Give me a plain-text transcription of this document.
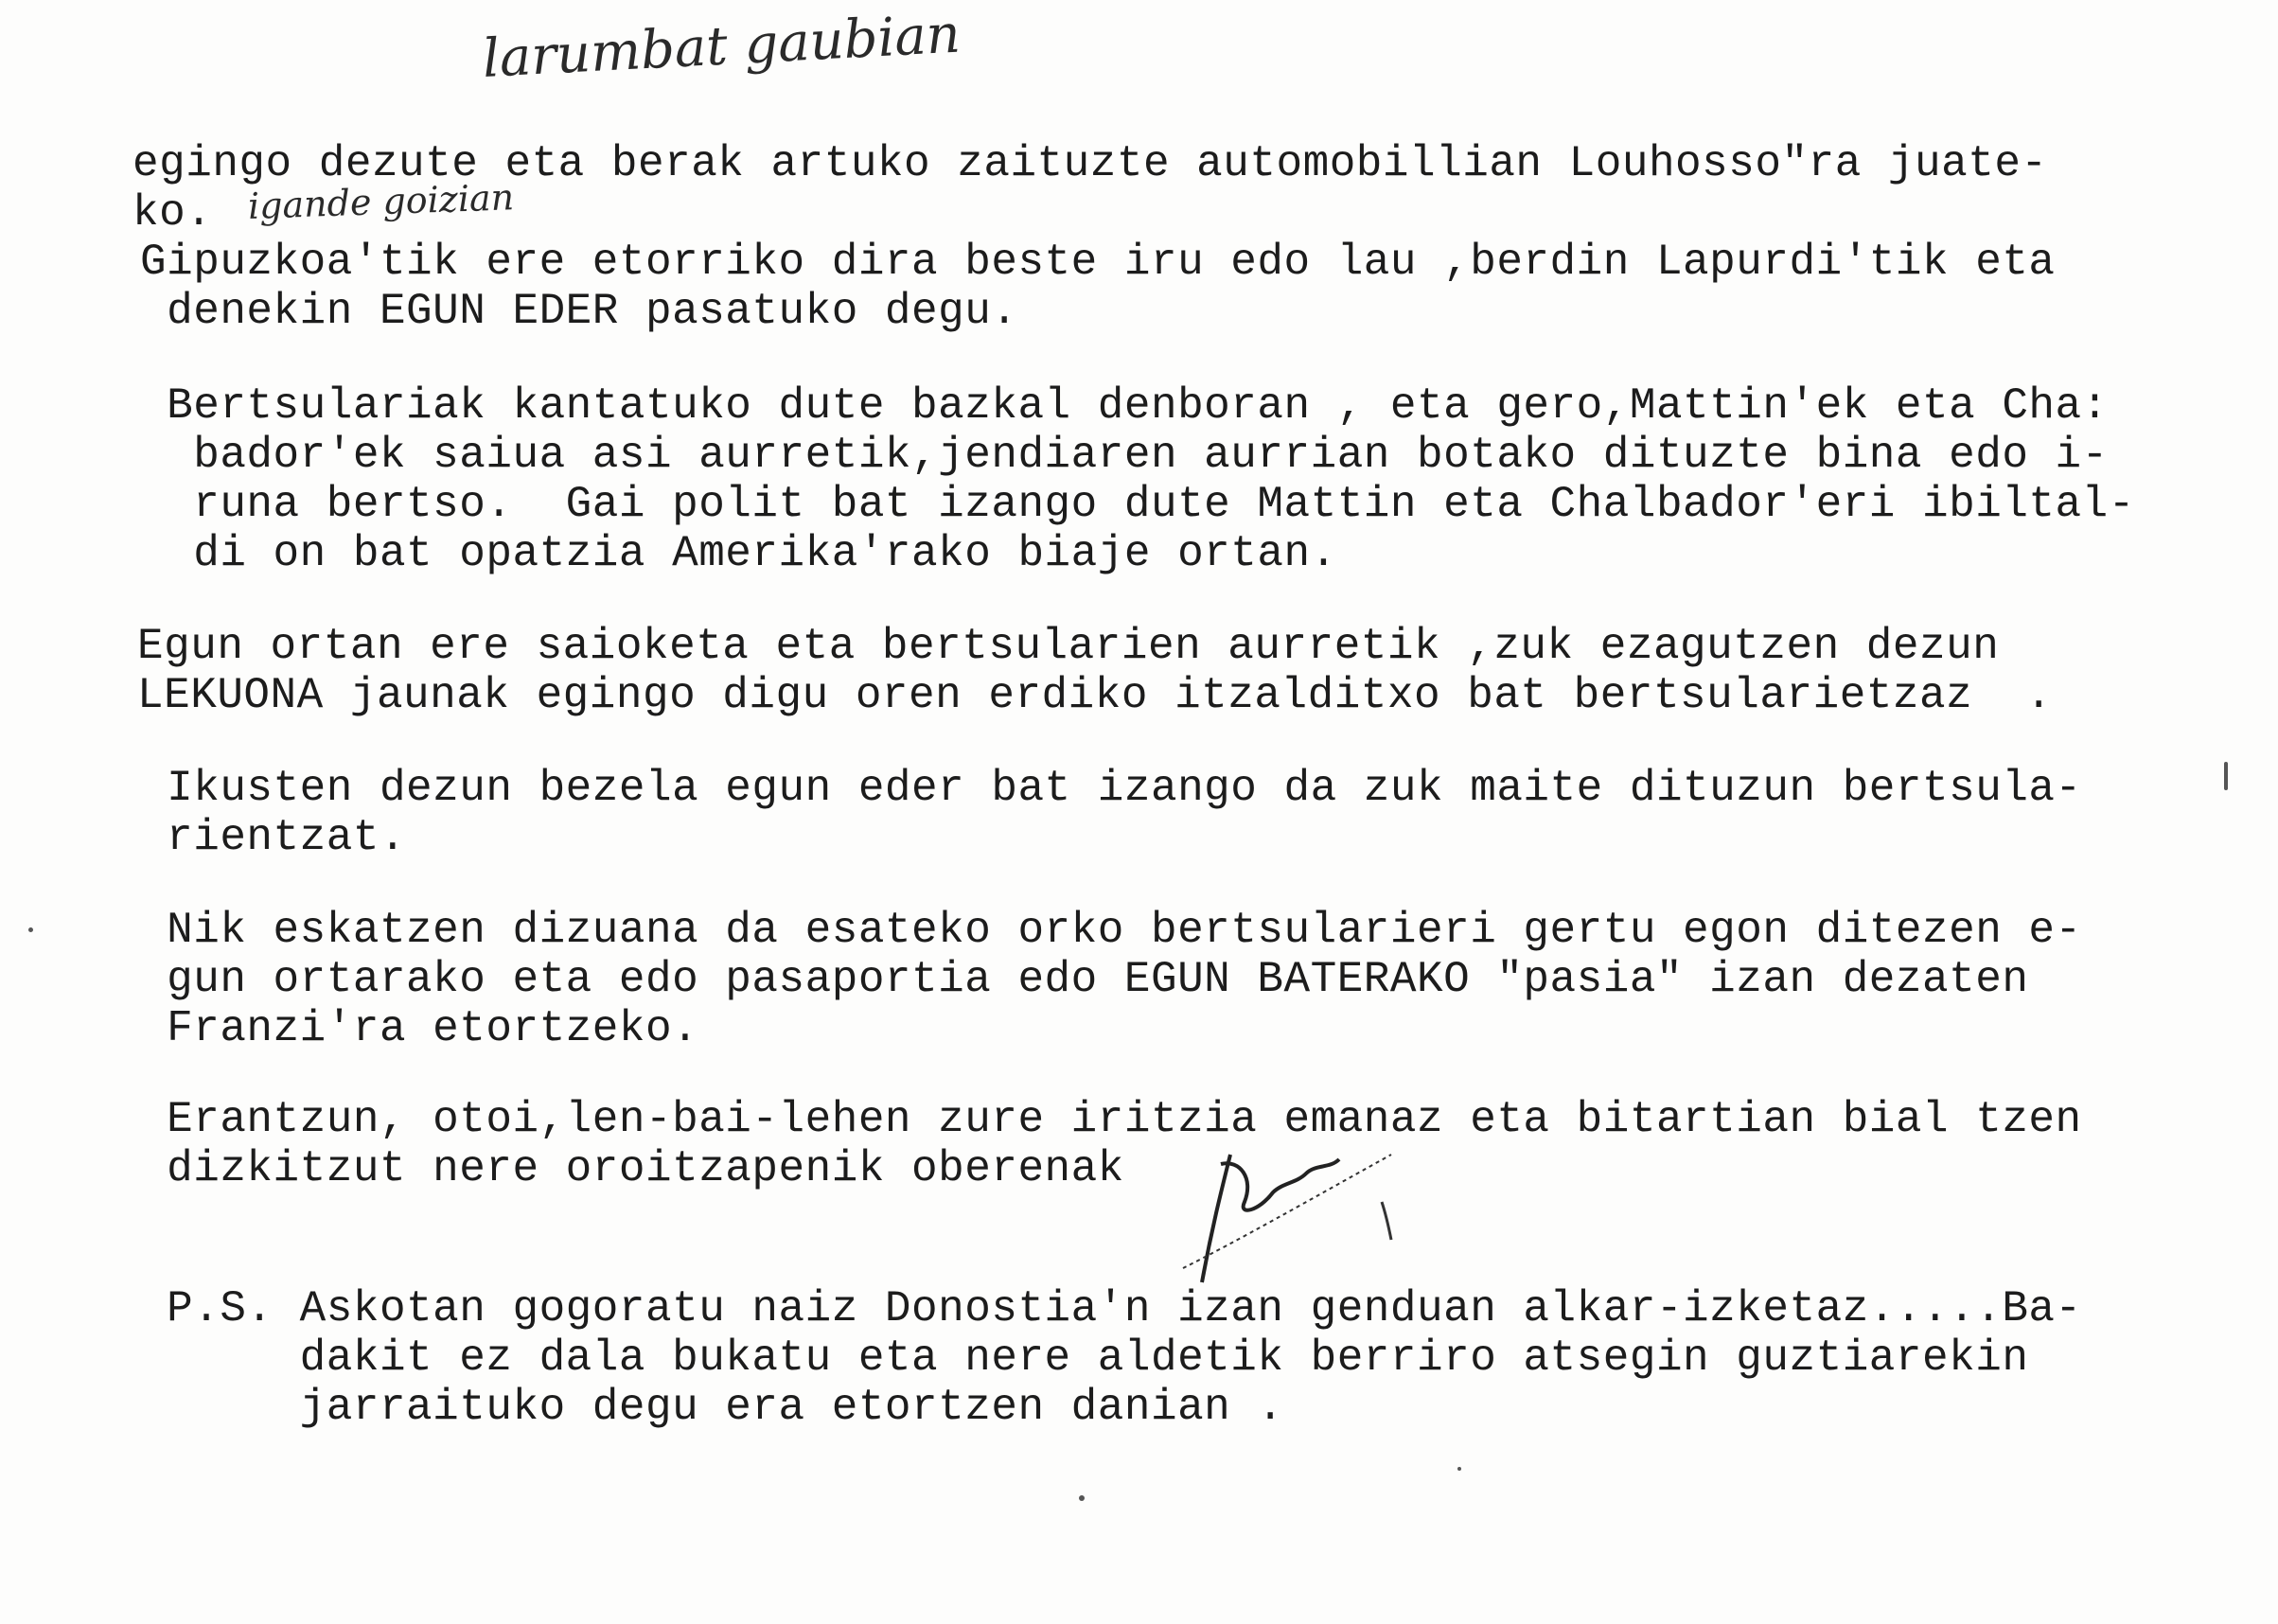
larumbat gaubian
egingo dezute eta berak artuko zaituzte automobillian Louhosso"ra juate-
ko. igande goizian
Gipuzkoa'tik ere etorriko dira beste iru edo lau ,berdin Lapurdi'tik eta
denekin EGUN EDER pasatuko degu.
Bertsulariak kantatuko dute bazkal denboran , eta gero,Mattin'ek eta Cha:
bador'ek saiua asi aurretik,jendiaren aurrian botako dituzte bina edo i-
runa bertso.  Gai polit bat izango dute Mattin eta Chalbador'eri ibiltal-
di on bat opatzia Amerika'rako biaje ortan.
Egun ortan ere saioketa eta bertsularien aurretik ,zuk ezagutzen dezun
LEKUONA jaunak egingo digu oren erdiko itzalditxo bat bertsularietzaz  .
Ikusten dezun bezela egun eder bat izango da zuk maite dituzun bertsula-
rientzat.
Nik eskatzen dizuana da esateko orko bertsularieri gertu egon ditezen e-
gun ortarako eta edo pasaportia edo EGUN BATERAKO "pasia" izan dezaten
Franzi'ra etortzeko.
Erantzun, otoi,len-bai-lehen zure iritzia emanaz eta bitartian bial tzen
dizkitzut nere oroitzapenik oberenak
P.S. Askotan gogoratu naiz Donostia'n izan genduan alkar-izketaz.....Ba-
dakit ez dala bukatu eta nere aldetik berriro atsegin guztiarekin
jarraituko degu era etortzen danian .
